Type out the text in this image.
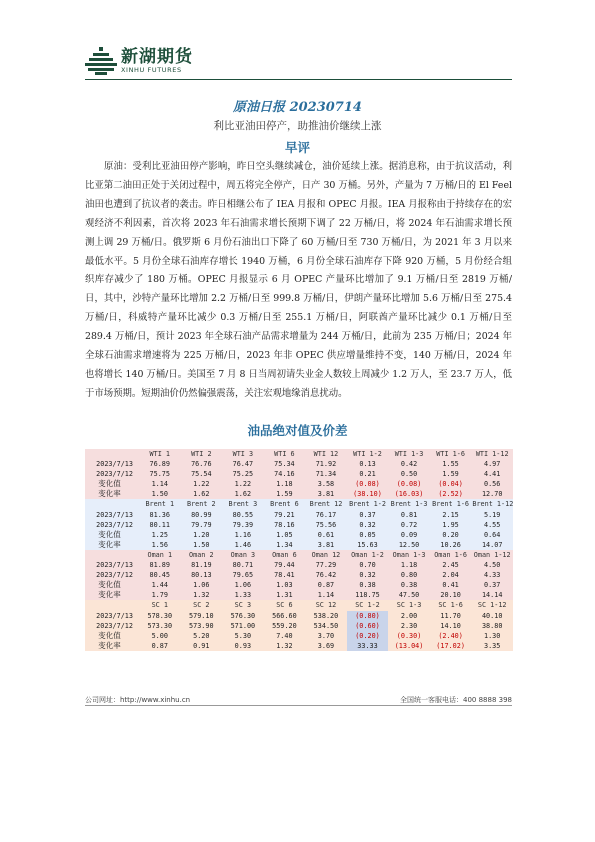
新湖期货
XINHU FUTURES
原油日报 20230714
利比亚油田停产，助推油价继续上涨
早评

原油：受利比亚油田停产影响，昨日空头继续减仓，油价延续上涨。据消息称，由于抗议活动，利比亚第二油田正处于关闭过程中，周五将完全停产，日产 30 万桶。另外，产量为 7 万桶/日的 El Feel 油田也遭到了抗议者的袭击。昨日相继公布了 IEA 月报和 OPEC 月报。IEA 月报称由于持续存在的宏观经济不利因素，首次将 2023 年石油需求增长预期下调了 22 万桶/日，将 2024 年石油需求增长预测上调 29 万桶/日。俄罗斯 6 月份石油出口下降了 60 万桶/日至 730 万桶/日，为 2021 年 3 月以来最低水平。5 月份全球石油库存增长 1940 万桶，6 月份全球石油库存下降 920 万桶，5 月份经合组织库存减少了 180 万桶。OPEC 月报显示 6 月 OPEC 产量环比增加了 9.1 万桶/日至 2819 万桶/日，其中，沙特产量环比增加 2.2 万桶/日至 999.8 万桶/日，伊朗产量环比增加 5.6 万桶/日至 275.4 万桶/日，科威特产量环比减少 0.3 万桶/日至 255.1 万桶/日，阿联酋产量环比减少 0.1 万桶/日至 289.4 万桶/日，预计 2023 年全球石油产品需求增量为 244 万桶/日，此前为 235 万桶/日；2024 年全球石油需求增速将为 225 万桶/日，2023 年非 OPEC 供应增量维持不变，140 万桶/日，2024 年也将增长 140 万桶/日。美国至 7 月 8 日当周初请失业金人数较上周减少 1.2 万人，至 23.7 万人，低于市场预期。短期油价仍然偏强震荡，关注宏观地缘消息扰动。

油品绝对值及价差
	WTI 1	WTI 2	WTI 3	WTI 6	WTI 12	WTI 1-2	WTI 1-3	WTI 1-6	WTI 1-12
2023/7/13	76.89	76.76	76.47	75.34	71.92	0.13	0.42	1.55	4.97
2023/7/12	75.75	75.54	75.25	74.16	71.34	0.21	0.50	1.59	4.41
变化值	1.14	1.22	1.22	1.18	3.58	(0.08)	(0.08)	(0.04)	0.56
变化率	1.50	1.62	1.62	1.59	3.81	(38.10)	(16.03)	(2.52)	12.70
	Brent 1	Brent 2	Brent 3	Brent 6	Brent 12	Brent 1-2	Brent 1-3	Brent 1-6	Brent 1-12
2023/7/13	81.36	80.99	80.55	79.21	76.17	0.37	0.81	2.15	5.19
2023/7/12	80.11	79.79	79.39	78.16	75.56	0.32	0.72	1.95	4.55
变化值	1.25	1.20	1.16	1.05	0.61	0.05	0.09	0.20	0.64
变化率	1.56	1.50	1.46	1.34	3.81	15.63	12.50	10.26	14.07
	Oman 1	Oman 2	Oman 3	Oman 6	Oman 12	Oman 1-2	Oman 1-3	Oman 1-6	Oman 1-12
2023/7/13	81.89	81.19	80.71	79.44	77.29	0.70	1.18	2.45	4.50
2023/7/12	80.45	80.13	79.65	78.41	76.42	0.32	0.80	2.04	4.33
变化值	1.44	1.06	1.06	1.03	0.87	0.38	0.38	0.41	0.37
变化率	1.79	1.32	1.33	1.31	1.14	118.75	47.50	20.10	14.14
	SC 1	SC 2	SC 3	SC 6	SC 12	SC 1-2	SC 1-3	SC 1-6	SC 1-12
2023/7/13	578.30	579.10	576.30	566.60	538.20	(0.80)	2.00	11.70	40.10
2023/7/12	573.30	573.90	571.00	559.20	534.50	(0.60)	2.30	14.10	38.80
变化值	5.00	5.20	5.30	7.40	3.70	(0.20)	(0.30)	(2.40)	1.30
变化率	0.87	0.91	0.93	1.32	3.69	33.33	(13.04)	(17.02)	3.35
公司网址：http://www.xinhu.cn	全国统一客服电话：400 8888 398
